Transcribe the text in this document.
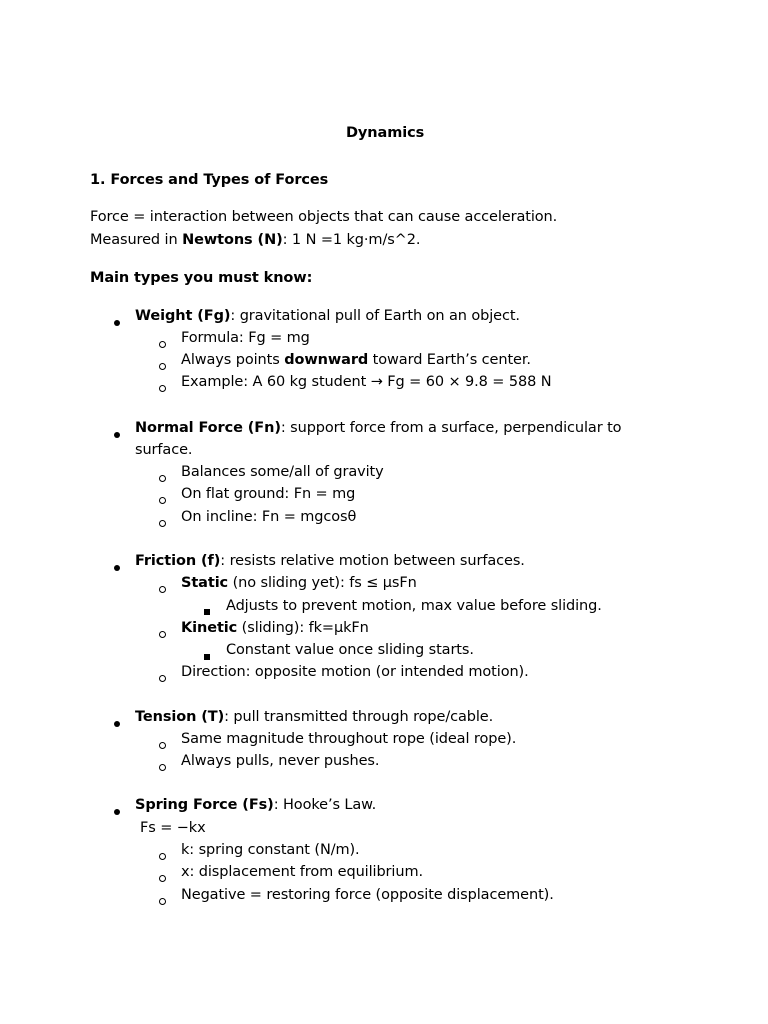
Dynamics
1. Forces and Types of Forces
Force = interaction between objects that can cause acceleration.
Measured in Newtons (N): 1 N =1 kg·m/s^2.
Main types you must know:
Weight (Fg): gravitational pull of Earth on an object.
Formula: Fg = mg
Always points downward toward Earth’s center.
Example: A 60 kg student → Fg = 60 × 9.8 = 588 N
Normal Force (Fn): support force from a surface, perpendicular to
surface.
Balances some/all of gravity
On flat ground: Fn = mg
On incline: Fn = mgcosθ
Friction (f): resists relative motion between surfaces.
Static (no sliding yet): fs ≤ μsFn
Adjusts to prevent motion, max value before sliding.
Kinetic (sliding): fk=μkFn
Constant value once sliding starts.
Direction: opposite motion (or intended motion).
Tension (T): pull transmitted through rope/cable.
Same magnitude throughout rope (ideal rope).
Always pulls, never pushes.
Spring Force (Fs): Hooke’s Law.
Fs = −kx
k: spring constant (N/m).
x: displacement from equilibrium.
Negative = restoring force (opposite displacement).
